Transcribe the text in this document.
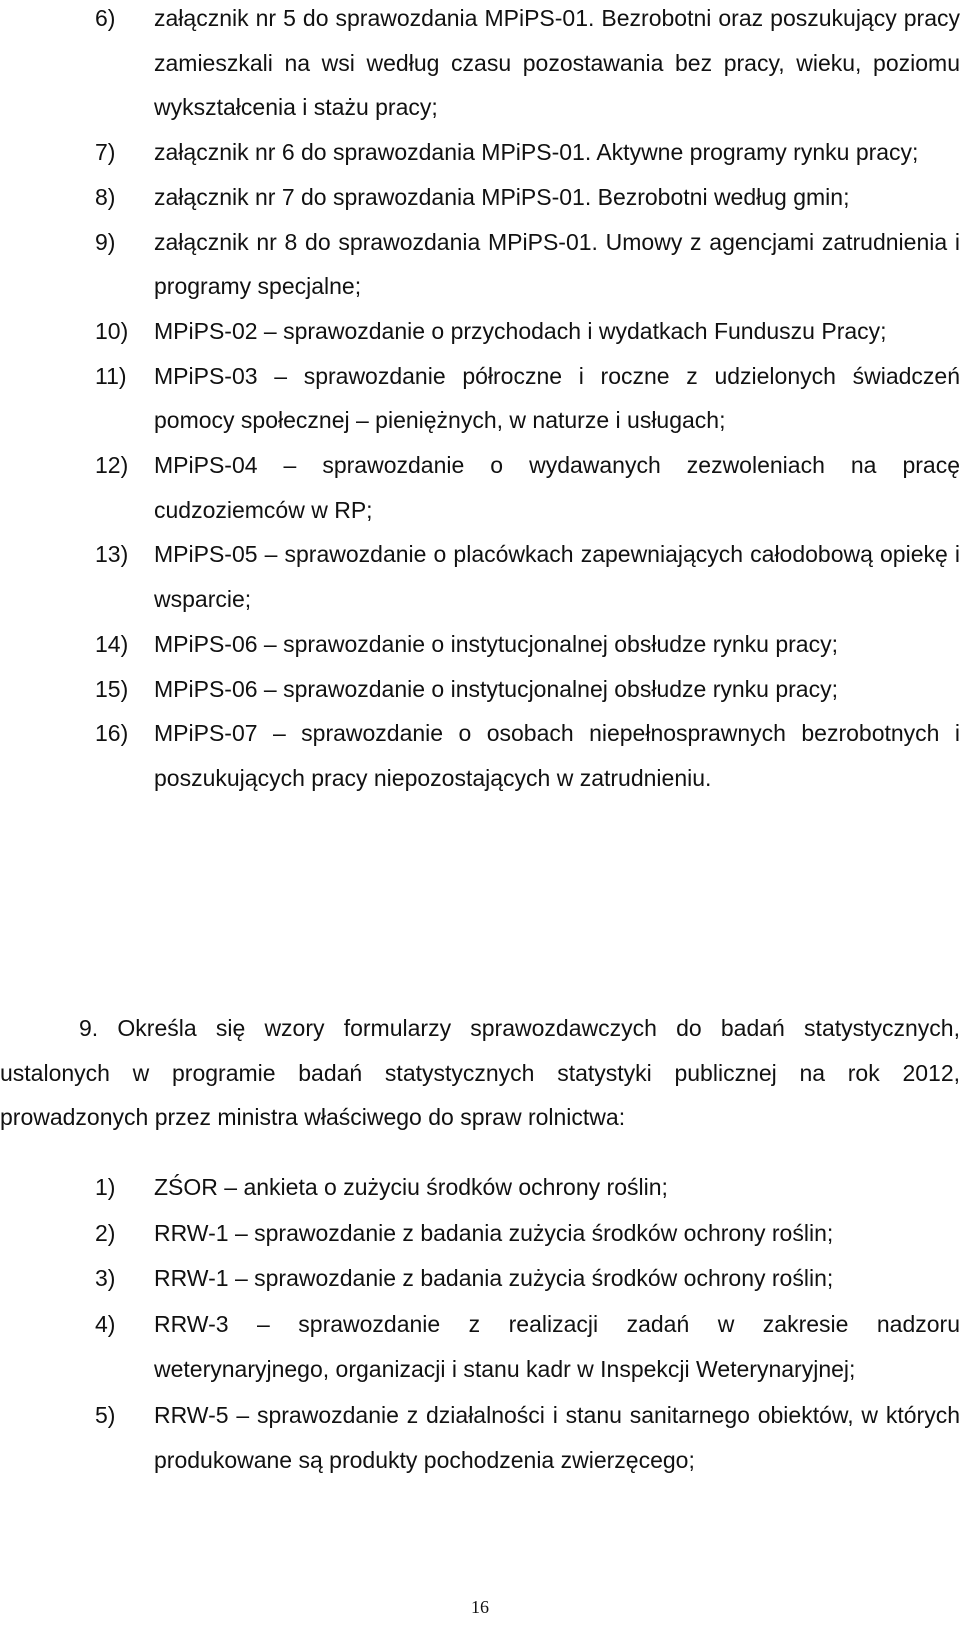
6) załącznik nr 5 do sprawozdania MPiPS-01. Bezrobotni oraz poszukujący pracy zamieszkali na wsi według czasu pozostawania bez pracy, wieku, poziomu wykształcenia i stażu pracy;
7) załącznik nr 6 do sprawozdania MPiPS-01. Aktywne programy rynku pracy;
8) załącznik nr 7 do sprawozdania MPiPS-01. Bezrobotni według gmin;
9) załącznik nr 8 do sprawozdania MPiPS-01. Umowy z agencjami zatrudnienia i programy specjalne;
10) MPiPS-02 – sprawozdanie o przychodach i wydatkach Funduszu Pracy;
11) MPiPS-03 – sprawozdanie półroczne i roczne z udzielonych świadczeń pomocy społecznej – pieniężnych, w naturze i usługach;
12) MPiPS-04 – sprawozdanie o wydawanych zezwoleniach na pracę cudzoziemców w RP;
13) MPiPS-05 – sprawozdanie o placówkach zapewniających całodobową opiekę i wsparcie;
14) MPiPS-06 – sprawozdanie o instytucjonalnej obsłudze rynku pracy;
15) MPiPS-06 – sprawozdanie o instytucjonalnej obsłudze rynku pracy;
16) MPiPS-07 – sprawozdanie o osobach niepełnosprawnych bezrobotnych i poszukujących pracy niepozostających w zatrudnieniu.

9. Określa się wzory formularzy sprawozdawczych do badań statystycznych, ustalonych w programie badań statystycznych statystyki publicznej na rok 2012, prowadzonych przez ministra właściwego do spraw rolnictwa:

1) ZŚOR – ankieta o zużyciu środków ochrony roślin;
2) RRW-1 – sprawozdanie z badania zużycia środków ochrony roślin;
3) RRW-1 – sprawozdanie z badania zużycia środków ochrony roślin;
4) RRW-3 – sprawozdanie z realizacji zadań w zakresie nadzoru weterynaryjnego, organizacji i stanu kadr w Inspekcji Weterynaryjnej;
5) RRW-5 – sprawozdanie z działalności i stanu sanitarnego obiektów, w których produkowane są produkty pochodzenia zwierzęcego;
16
